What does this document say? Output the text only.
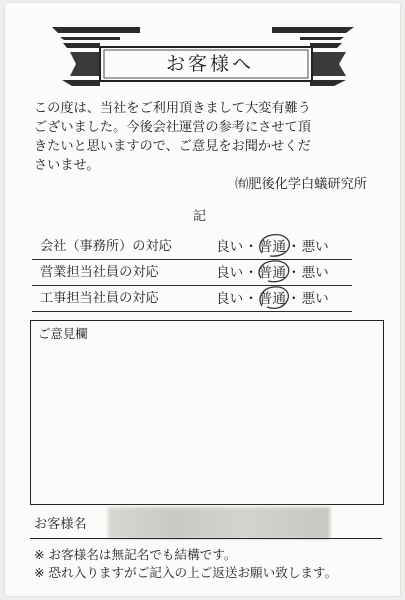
お客様へ
この度は、当社をご利用頂きまして大変有難う
ございました。今後会社運営の参考にさせて頂
きたいと思いますので、ご意見をお聞かせくだ
さいませ。
㈲肥後化学白蟻研究所
記
会社（事務所）の対応	良い・普通・悪い
営業担当社員の対応	良い・普通・悪い
工事担当社員の対応	良い・普通・悪い
ご意見欄
お客様名
※ お客様名は無記名でも結構です。
※ 恐れ入りますがご記入の上ご返送お願い致します。
